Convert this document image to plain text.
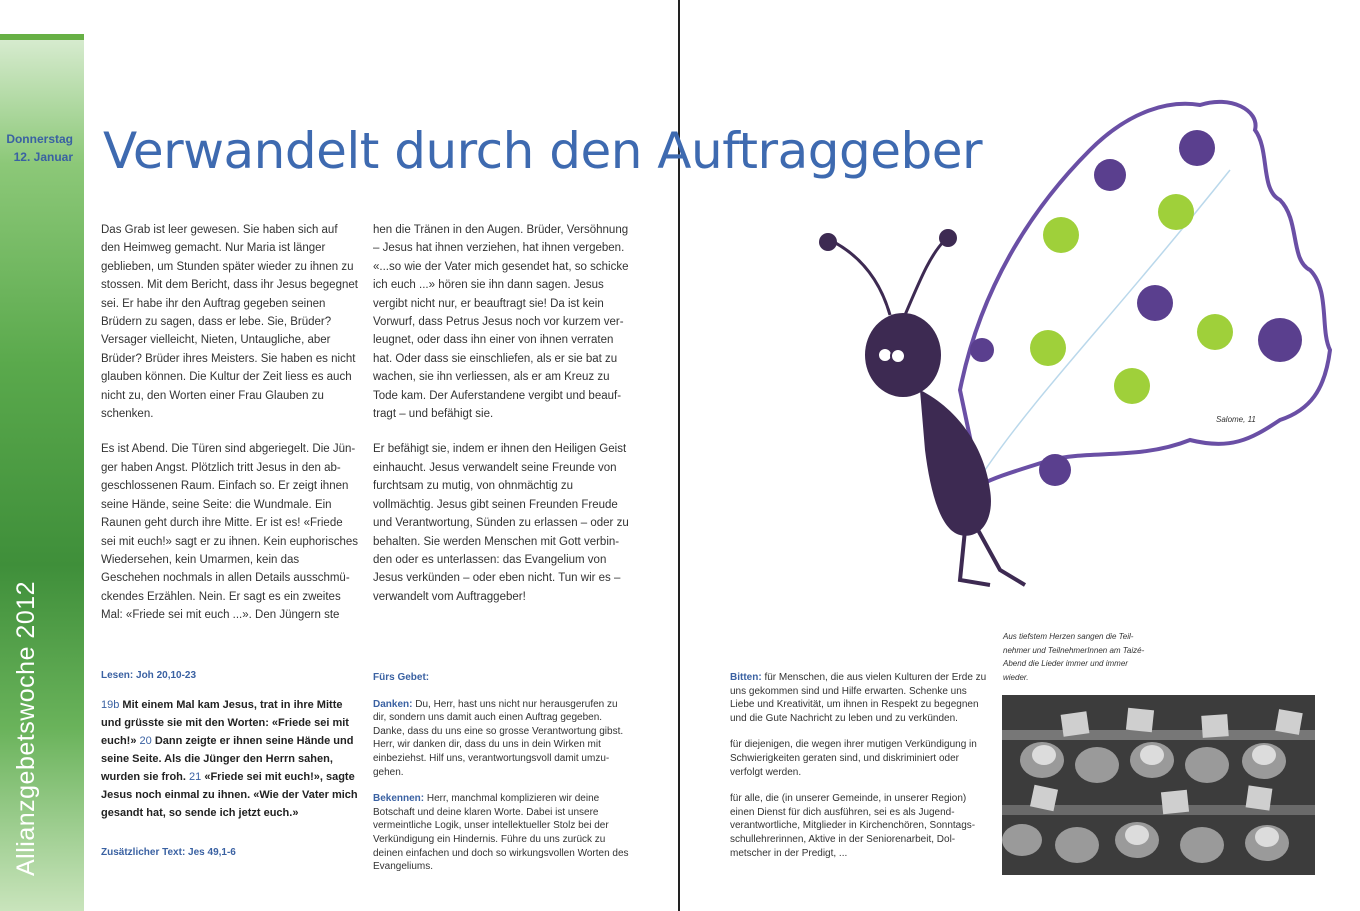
Allianzgebetswoche 2012
Donnerstag
12. Januar Verwandelt durch den Auftraggeber

Das Grab ist leer gewesen. Sie haben sich auf den Heimweg gemacht. Nur Maria ist länger geblieben, um Stunden später wieder zu ihnen zu stossen. Mit dem Bericht, dass ihr Jesus begegnet sei. Er habe ihr den Auftrag gegeben seinen Brüdern zu sagen, dass er lebe. Sie, Brüder? Versager vielleicht, Nieten, Untaugliche, aber Brüder? Brüder ihres Meisters. Sie haben es nicht glauben können. Die Kultur der Zeit liess es auch nicht zu, den Worten einer Frau Glauben zu schenken.

Es ist Abend. Die Türen sind abgeriegelt. Die Jünger haben Angst. Plötzlich tritt Jesus in den abgeschlossenen Raum. Einfach so. Er zeigt ihnen seine Hände, seine Seite: die Wundmale. Ein Raunen geht durch ihre Mitte. Er ist es! «Friede sei mit euch!» sagt er zu ihnen. Kein euphorisches Wiedersehen, kein Umarmen, kein das Geschehen nochmals in allen Details ausschmückendes Erzählen. Nein. Er sagt es ein zweites Mal: «Friede sei mit euch ...». Den Jüngern ste

hen die Tränen in den Augen. Brüder, Versöhnung – Jesus hat ihnen verziehen, hat ihnen vergeben. «...so wie der Vater mich gesendet hat, so schicke ich euch ...» hören sie ihn dann sagen. Jesus vergibt nicht nur, er beauftragt sie! Da ist kein Vorwurf, dass Petrus Jesus noch vor kurzem verleugnet, oder dass ihn einer von ihnen verraten hat. Oder dass sie einschliefen, als er sie bat zu wachen, sie ihn verliessen, als er am Kreuz zu Tode kam. Der Auferstandene vergibt und beauftragt – und befähigt sie.

Er befähigt sie, indem er ihnen den Heiligen Geist einhaucht. Jesus verwandelt seine Freunde von furchtsam zu mutig, von ohnmächtig zu vollmächtig. Jesus gibt seinen Freunden Freude und Verantwortung, Sünden zu erlassen – oder zu behalten. Sie werden Menschen mit Gott verbinden oder es unterlassen: das Evangelium von Jesus verkünden – oder eben nicht. Tun wir es – verwandelt vom Auftraggeber!

Lesen: Joh 20,10-23
19b Mit einem Mal kam Jesus, trat in ihre Mitte und grüsste sie mit den Worten: «Friede sei mit euch!» 20 Dann zeigte er ihnen seine Hände und seine Seite. Als die Jünger den Herrn sahen, wurden sie froh. 21 «Friede sei mit euch!», sagte Jesus noch einmal zu ihnen. «Wie der Vater mich gesandt hat, so sende ich jetzt euch.»
Zusätzlicher Text: Jes 49,1-6

Fürs Gebet:

Danken: Du, Herr, hast uns nicht nur herausgerufen zu dir, sondern uns damit auch einen Auftrag gegeben. Danke, dass du uns eine so grosse Verantwortung gibst. Herr, wir danken dir, dass du uns in dein Wirken mit einbeziehst. Hilf uns, verantwortungsvoll damit umzugehen.

Bekennen: Herr, manchmal komplizieren wir deine Botschaft und deine klaren Worte. Dabei ist unsere vermeintliche Logik, unser intellektueller Stolz bei der Verkündigung ein Hindernis. Führe du uns zurück zu deinen einfachen und doch so wirkungsvollen Worten des Evangeliums.

Bitten: für Menschen, die aus vielen Kulturen der Erde zu uns gekommen sind und Hilfe erwarten. Schenke uns Liebe und Kreativität, um ihnen in Respekt zu begegnen und die Gute Nachricht zu leben und zu verkünden.

für diejenigen, die wegen ihrer mutigen Verkündigung in Schwierigkeiten geraten sind, und diskriminiert oder verfolgt werden.

für alle, die (in unserer Gemeinde, in unserer Region) einen Dienst für dich ausführen, sei es als Jugendverantwortliche, Mitglieder in Kirchenchören, Sonntagsschullehrerinnen, Aktive in der Seniorenarbeit, Dolmetscher in der Predigt, ...

Aus tiefstem Herzen sangen die Teilnehmer und TeilnehmerInnen am Taizé-Abend die Lieder immer und immer wieder.
Salome, 11
